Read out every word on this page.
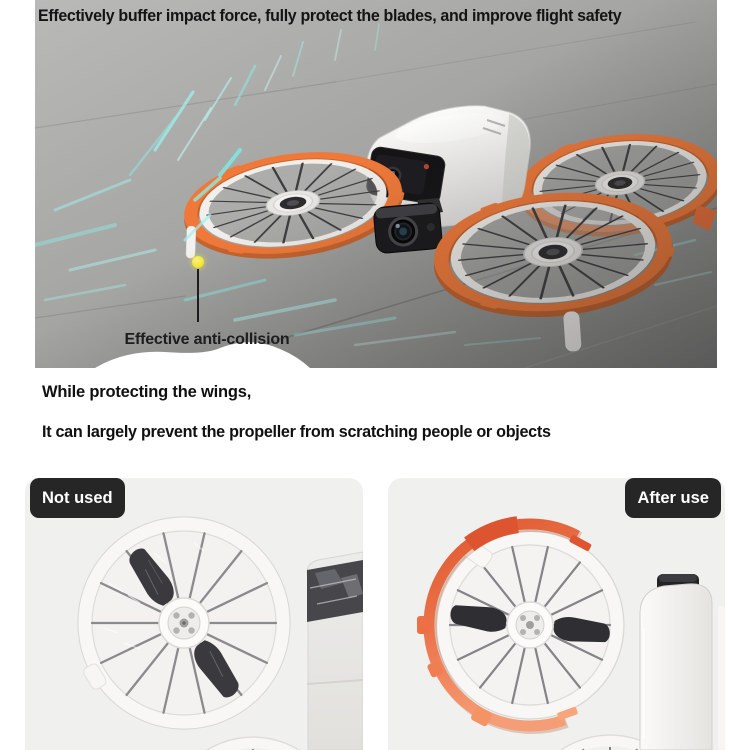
Effectively buffer impact force, fully protect the blades, and improve flight safety
Effective anti-collision
While protecting the wings,
It can largely prevent the propeller from scratching people or objects
Not used	After use
